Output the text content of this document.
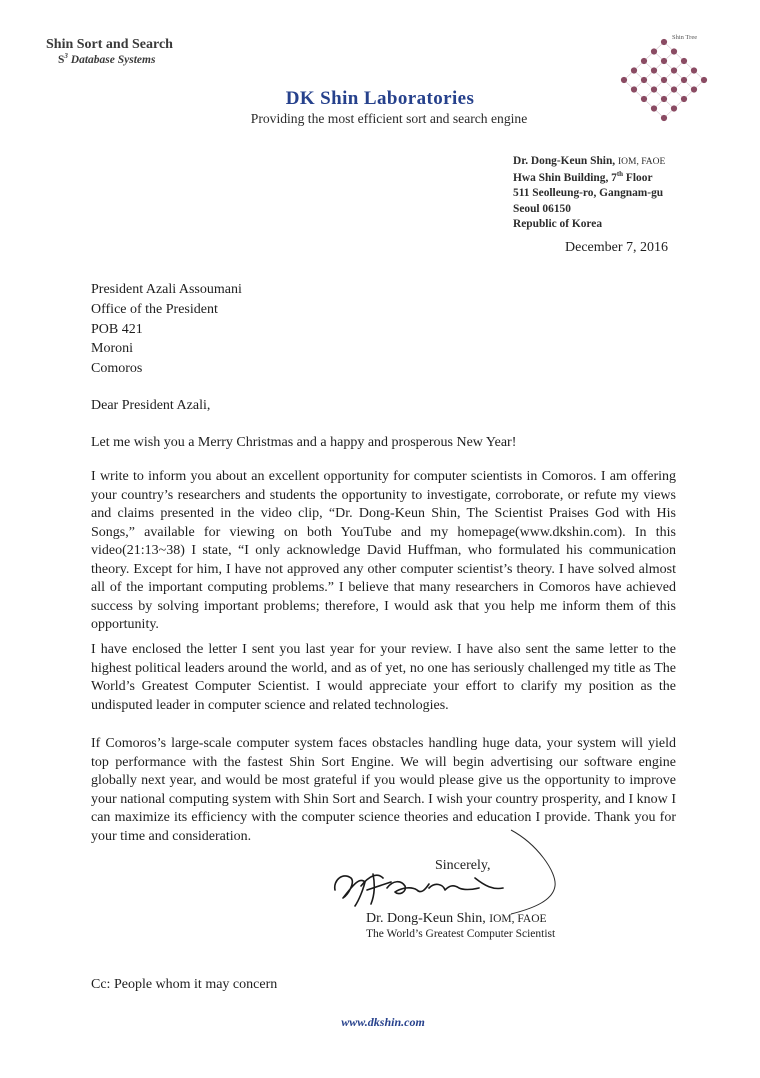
Shin Sort and Search
$S^3$ Database Systems
DK Shin Laboratories
Providing the most efficient sort and search engine
Shin Tree
Dr. Dong-Keun Shin, IOM, FAOE
Hwa Shin Building, 7th Floor
511 Seolleung-ro, Gangnam-gu
Seoul 06150
Republic of Korea
December 7, 2016
President Azali Assoumani
Office of the President
POB 421
Moroni
Comoros
Dear President Azali,
Let me wish you a Merry Christmas and a happy and prosperous New Year!
I write to inform you about an excellent opportunity for computer scientists in Comoros. I am offering your country’s researchers and students the opportunity to investigate, corroborate, or refute my views and claims presented in the video clip, “Dr. Dong-Keun Shin, The Scientist Praises God with His Songs,” available for viewing on both YouTube and my homepage(www.dkshin.com). In this video(21:13~38) I state, “I only acknowledge David Huffman, who formulated his communication theory. Except for him, I have not approved any other computer scientist’s theory. I have solved almost all of the important computing problems.” I believe that many researchers in Comoros have achieved success by solving important problems; therefore, I would ask that you help me inform them of this opportunity.
I have enclosed the letter I sent you last year for your review. I have also sent the same letter to the highest political leaders around the world, and as of yet, no one has seriously challenged my title as The World’s Greatest Computer Scientist. I would appreciate your effort to clarify my position as the undisputed leader in computer science and related technologies.
If Comoros’s large-scale computer system faces obstacles handling huge data, your system will yield top performance with the fastest Shin Sort Engine. We will begin advertising our software engine globally next year, and would be most grateful if you would please give us the opportunity to improve your national computing system with Shin Sort and Search. I wish your country prosperity, and I know I can maximize its efficiency with the computer science theories and education I provide. Thank you for your time and consideration.
Sincerely,
Dr. Dong-Keun Shin, IOM, FAOE
The World’s Greatest Computer Scientist
Cc: People whom it may concern
www.dkshin.com
